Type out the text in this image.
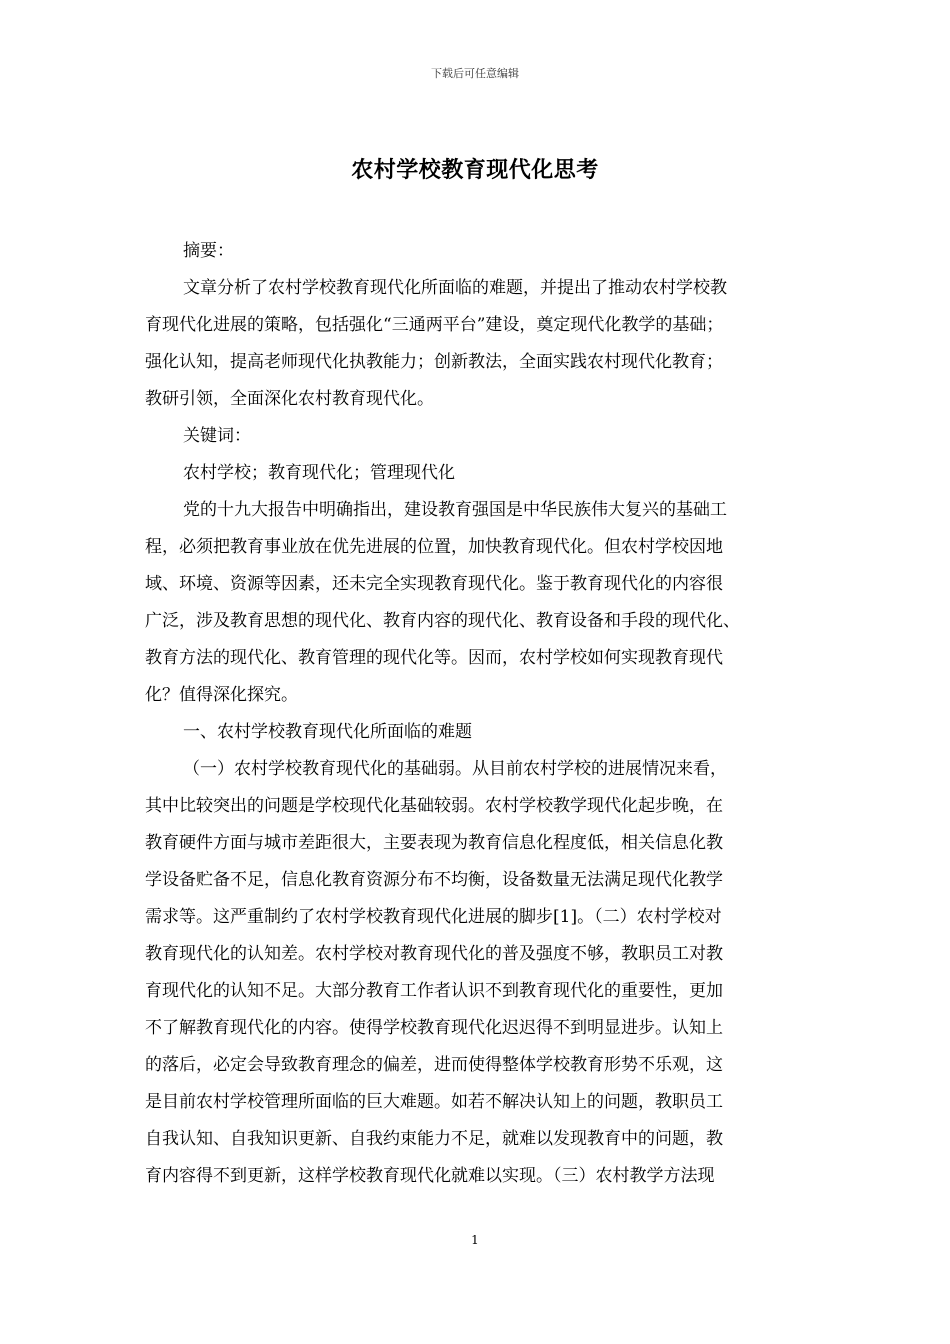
下载后可任意编辑
农村学校教育现代化思考

摘要：

文章分析了农村学校教育现代化所面临的难题，并提出了推动农村学校教
育现代化进展的策略，包括强化“三通两平台”建设，奠定现代化教学的基础；
强化认知，提高老师现代化执教能力；创新教法，全面实践农村现代化教育；
教研引领，全面深化农村教育现代化。

关键词：

农村学校；教育现代化；管理现代化

党的十九大报告中明确指出，建设教育强国是中华民族伟大复兴的基础工
程，必须把教育事业放在优先进展的位置，加快教育现代化。但农村学校因地
域、环境、资源等因素，还未完全实现教育现代化。鉴于教育现代化的内容很
广泛，涉及教育思想的现代化、教育内容的现代化、教育设备和手段的现代化、
教育方法的现代化、教育管理的现代化等。因而，农村学校如何实现教育现代
化？值得深化探究。

一、农村学校教育现代化所面临的难题

（一）农村学校教育现代化的基础弱。从目前农村学校的进展情况来看，
其中比较突出的问题是学校现代化基础较弱。农村学校教学现代化起步晚，在
教育硬件方面与城市差距很大，主要表现为教育信息化程度低，相关信息化教
学设备贮备不足，信息化教育资源分布不均衡，设备数量无法满足现代化教学
需求等。这严重制约了农村学校教育现代化进展的脚步[1]。（二）农村学校对
教育现代化的认知差。农村学校对教育现代化的普及强度不够，教职员工对教
育现代化的认知不足。大部分教育工作者认识不到教育现代化的重要性，更加
不了解教育现代化的内容。使得学校教育现代化迟迟得不到明显进步。认知上
的落后，必定会导致教育理念的偏差，进而使得整体学校教育形势不乐观，这
是目前农村学校管理所面临的巨大难题。如若不解决认知上的问题，教职员工
自我认知、自我知识更新、自我约束能力不足，就难以发现教育中的问题，教
育内容得不到更新，这样学校教育现代化就难以实现。（三）农村教学方法现

1
